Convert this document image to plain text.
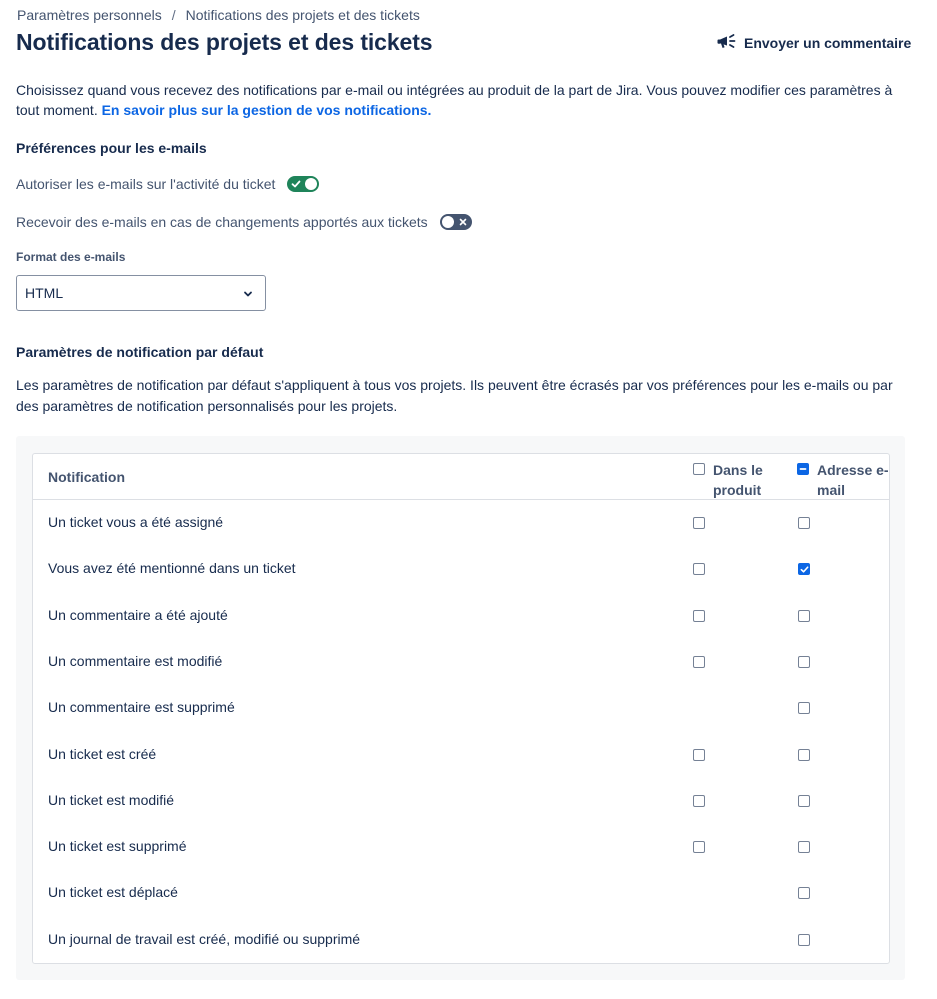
Paramètres personnels / Notifications des projets et des tickets
Notifications des projets et des tickets	Envoyer un commentaire

Choisissez quand vous recevez des notifications par e-mail ou intégrées au produit de la part de Jira. Vous pouvez modifier ces paramètres à tout moment. En savoir plus sur la gestion de vos notifications.

Préférences pour les e-mails
Autoriser les e-mails sur l'activité du ticket
Recevoir des e-mails en cas de changements apportés aux tickets

Format des e-mails

HTML
Paramètres de notification par défaut

Les paramètres de notification par défaut s'appliquent à tous vos projets. Ils peuvent être écrasés par vos préférences pour les e-mails ou par des paramètres de notification personnalisés pour les projets.

Notification	Dans le produit
Adresse e-mail
Un ticket vous a été assigné
Vous avez été mentionné dans un ticket
Un commentaire a été ajouté
Un commentaire est modifié
Un commentaire est supprimé
Un ticket est créé
Un ticket est modifié
Un ticket est supprimé
Un ticket est déplacé
Un journal de travail est créé, modifié ou supprimé
